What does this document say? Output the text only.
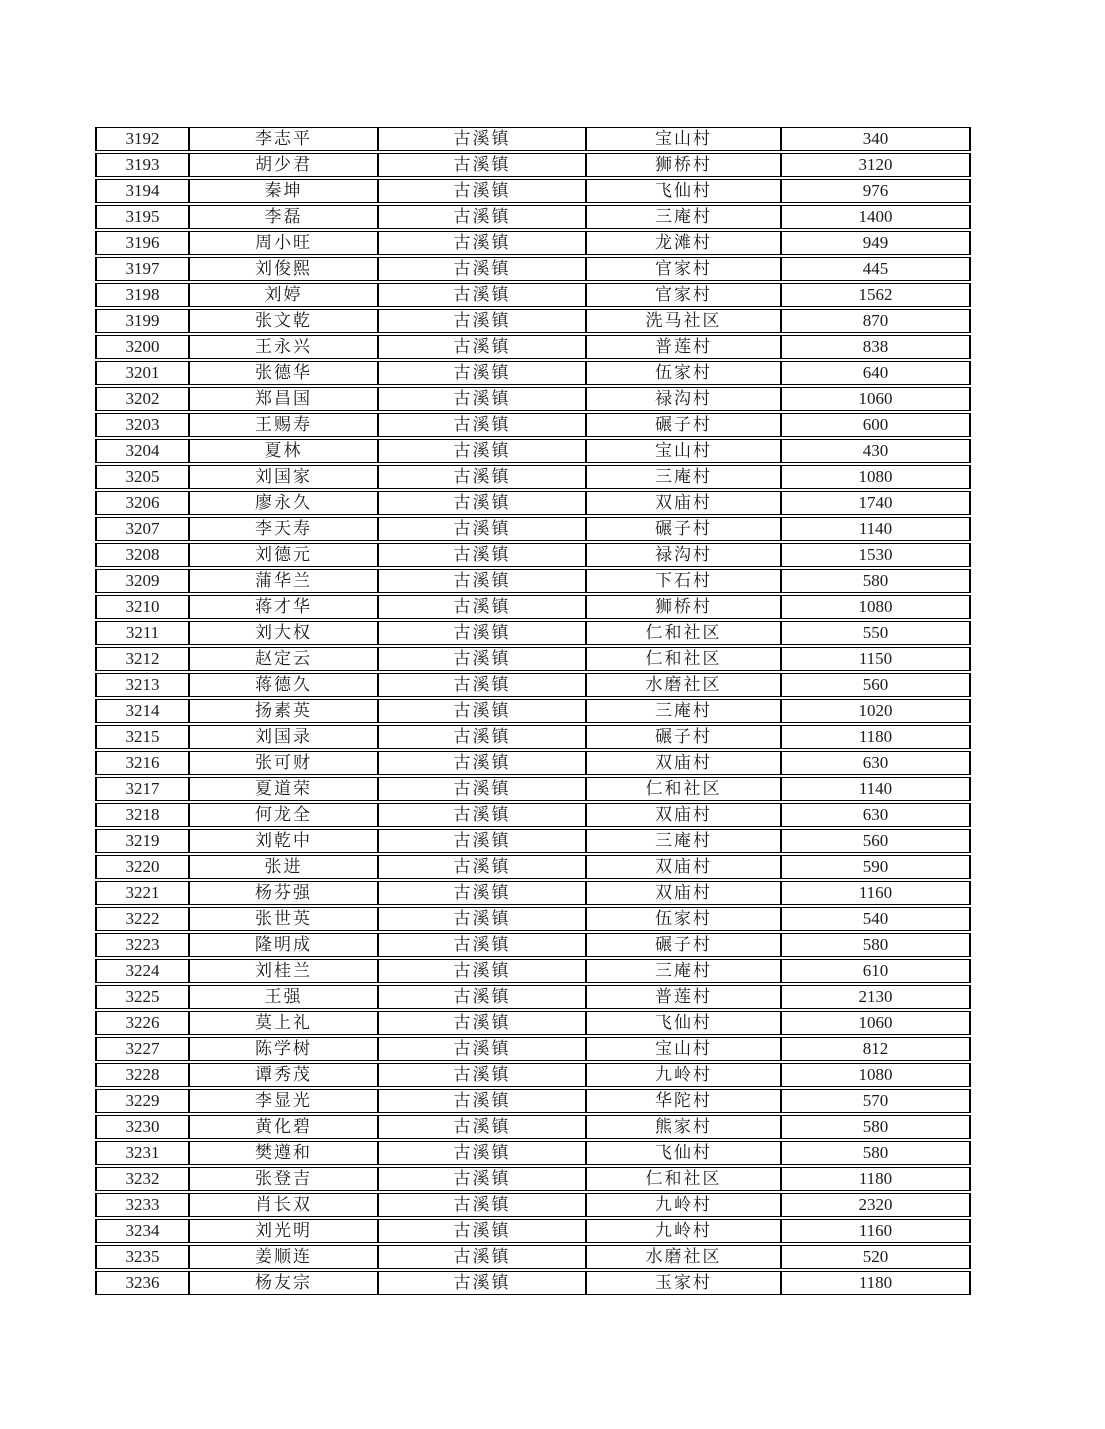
3192	李志平	古溪镇	宝山村	340
3193	胡少君	古溪镇	狮桥村	3120
3194	秦坤	古溪镇	飞仙村	976
3195	李磊	古溪镇	三庵村	1400
3196	周小旺	古溪镇	龙滩村	949
3197	刘俊熙	古溪镇	官家村	445
3198	刘婷	古溪镇	官家村	1562
3199	张文乾	古溪镇	洗马社区	870
3200	王永兴	古溪镇	普莲村	838
3201	张德华	古溪镇	伍家村	640
3202	郑昌国	古溪镇	禄沟村	1060
3203	王赐寿	古溪镇	碾子村	600
3204	夏林	古溪镇	宝山村	430
3205	刘国家	古溪镇	三庵村	1080
3206	廖永久	古溪镇	双庙村	1740
3207	李天寿	古溪镇	碾子村	1140
3208	刘德元	古溪镇	禄沟村	1530
3209	蒲华兰	古溪镇	下石村	580
3210	蒋才华	古溪镇	狮桥村	1080
3211	刘大权	古溪镇	仁和社区	550
3212	赵定云	古溪镇	仁和社区	1150
3213	蒋德久	古溪镇	水磨社区	560
3214	扬素英	古溪镇	三庵村	1020
3215	刘国录	古溪镇	碾子村	1180
3216	张可财	古溪镇	双庙村	630
3217	夏道荣	古溪镇	仁和社区	1140
3218	何龙全	古溪镇	双庙村	630
3219	刘乾中	古溪镇	三庵村	560
3220	张进	古溪镇	双庙村	590
3221	杨芬强	古溪镇	双庙村	1160
3222	张世英	古溪镇	伍家村	540
3223	隆明成	古溪镇	碾子村	580
3224	刘桂兰	古溪镇	三庵村	610
3225	王强	古溪镇	普莲村	2130
3226	莫上礼	古溪镇	飞仙村	1060
3227	陈学树	古溪镇	宝山村	812
3228	谭秀茂	古溪镇	九岭村	1080
3229	李显光	古溪镇	华陀村	570
3230	黄化碧	古溪镇	熊家村	580
3231	樊遵和	古溪镇	飞仙村	580
3232	张登吉	古溪镇	仁和社区	1180
3233	肖长双	古溪镇	九岭村	2320
3234	刘光明	古溪镇	九岭村	1160
3235	姜顺连	古溪镇	水磨社区	520
3236	杨友宗	古溪镇	玉家村	1180
